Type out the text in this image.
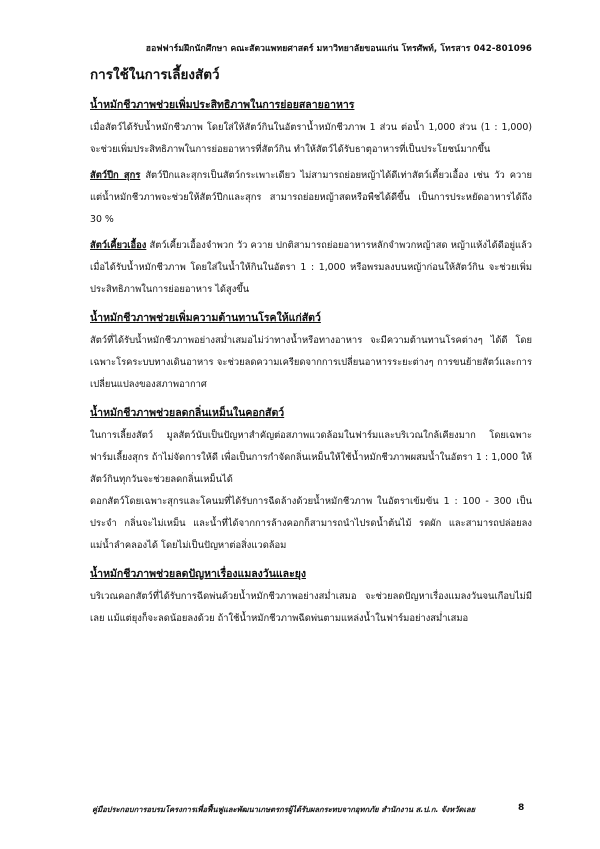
ฮอฟฟาร์มฝึกนักศึกษา คณะสัตวแพทยศาสตร์ มหาวิทยาลัยขอนแก่น โทรศัพท์, โทรสาร 042-801096
การใช้ในการเลี้ยงสัตว์
น้ำหมักชีวภาพช่วยเพิ่มประสิทธิภาพในการย่อยสลายอาหาร

เมื่อสัตว์ได้รับน้ำหมักชีวภาพ โดยใส่ให้สัตว์กินในอัตราน้ำหมักชีวภาพ 1 ส่วน ต่อน้ำ 1,000 ส่วน (1 : 1,000) จะช่วยเพิ่มประสิทธิภาพในการย่อยอาหารที่สัตว์กิน ทำให้สัตว์ได้รับธาตุอาหารที่เป็นประโยชน์มากขึ้น

สัตว์ปีก สุกร สัตว์ปีกและสุกรเป็นสัตว์กระเพาะเดียว ไม่สามารถย่อยหญ้าได้ดีเท่าสัตว์เคี้ยวเอื้อง เช่น วัว ควาย แต่น้ำหมักชีวภาพจะช่วยให้สัตว์ปีกและสุกร สามารถย่อยหญ้าสดหรือพืชได้ดีขึ้น เป็นการประหยัดอาหารได้ถึง 30 %

สัตว์เคี้ยวเอื้อง สัตว์เคี้ยวเอื้องจำพวก วัว ควาย ปกติสามารถย่อยอาหารหลักจำพวกหญ้าสด หญ้าแห้งได้ดีอยู่แล้ว เมื่อได้รับน้ำหมักชีวภาพ โดยใส่ในน้ำให้กินในอัตรา 1 : 1,000 หรือพรมลงบนหญ้าก่อนให้สัตว์กิน จะช่วยเพิ่มประสิทธิภาพในการย่อยอาหาร ได้สูงขึ้น

น้ำหมักชีวภาพช่วยเพิ่มความต้านทานโรคให้แก่สัตว์

สัตว์ที่ได้รับน้ำหมักชีวภาพอย่างสม่ำเสมอไม่ว่าทางน้ำหรือทางอาหาร จะมีความต้านทานโรคต่างๆ ได้ดี โดยเฉพาะโรคระบบทางเดินอาหาร จะช่วยลดความเครียดจากการเปลี่ยนอาหารระยะต่างๆ การขนย้ายสัตว์และการเปลี่ยนแปลงของสภาพอากาศ

น้ำหมักชีวภาพช่วยลดกลิ่นเหม็นในคอกสัตว์

ในการเลี้ยงสัตว์ มูลสัตว์นับเป็นปัญหาสำคัญต่อสภาพแวดล้อมในฟาร์มและบริเวณใกล้เคียงมาก โดยเฉพาะฟาร์มเลี้ยงสุกร ถ้าไม่จัดการให้ดี เพื่อเป็นการกำจัดกลิ่นเหม็นให้ใช้น้ำหมักชีวภาพผสมน้ำในอัตรา 1 : 1,000 ให้สัตว์กินทุกวันจะช่วยลดกลิ่นเหม็นได้

ดอกสัตว์โดยเฉพาะสุกรและโคนมที่ได้รับการฉีดล้างด้วยน้ำหมักชีวภาพ ในอัตราเข้มข้น 1 : 100 - 300 เป็นประจำ กลิ่นจะไม่เหม็น และน้ำที่ได้จากการล้างคอกก็สามารถนำไปรดน้ำต้นไม้ รดผัก และสามารถปล่อยลงแม่น้ำลำคลองได้ โดยไม่เป็นปัญหาต่อสิ่งแวดล้อม

น้ำหมักชีวภาพช่วยลดปัญหาเรื่องแมลงวันและยุง

บริเวณคอกสัตว์ที่ได้รับการฉีดพ่นด้วยน้ำหมักชีวภาพอย่างสม่ำเสมอ จะช่วยลดปัญหาเรื่องแมลงวันจนเกือบไม่มีเลย แม้แต่ยุงก็จะลดน้อยลงด้วย ถ้าใช้น้ำหมักชีวภาพฉีดพ่นตามแหล่งน้ำในฟาร์มอย่างสม่ำเสมอ

คู่มือประกอบการอบรมโครงการเพื่อฟื้นฟูและพัฒนาเกษตรกรผู้ได้รับผลกระทบจากอุทกภัย สำนักงาน ส.ป.ก. จังหวัดเลย	8
